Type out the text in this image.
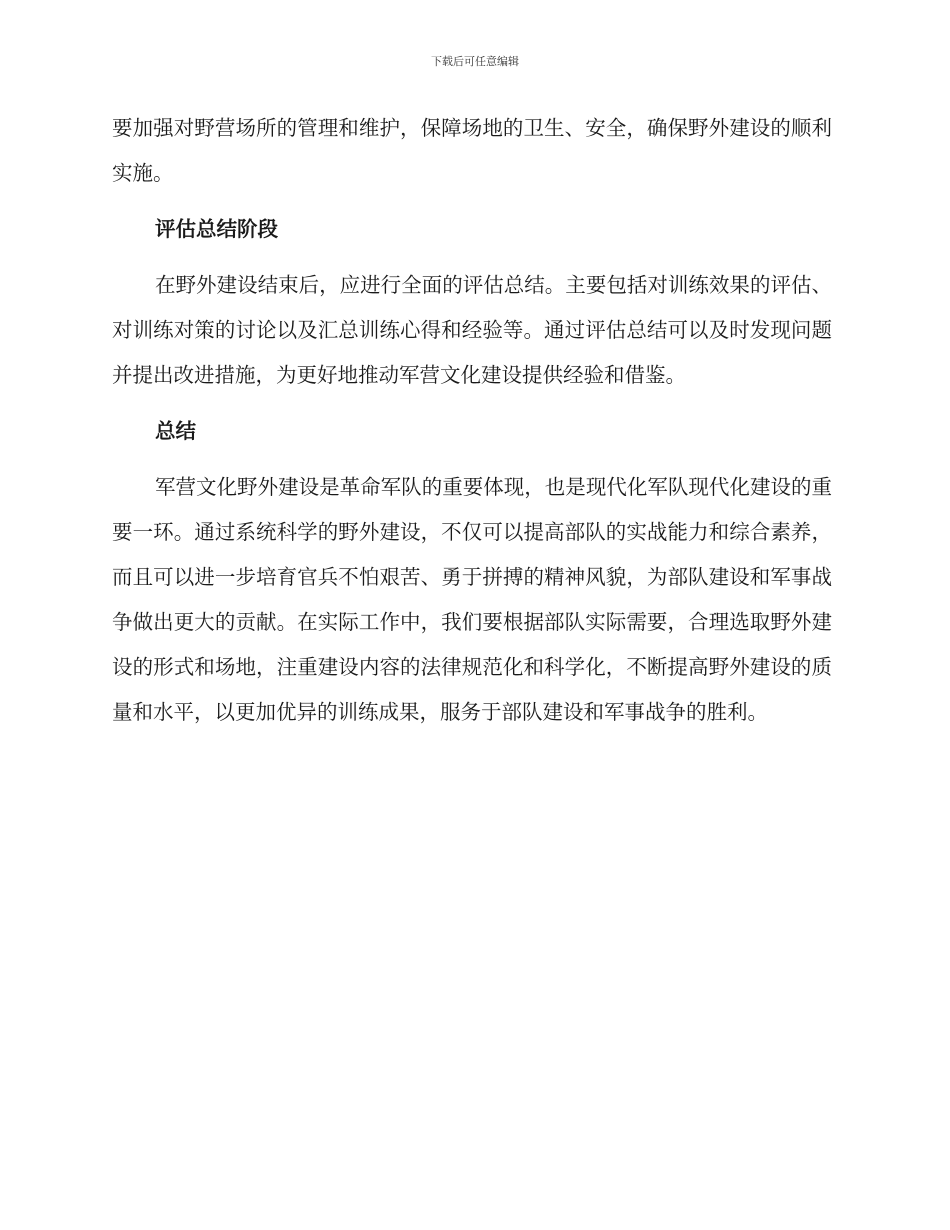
下载后可任意编辑

要加强对野营场所的管理和维护，保障场地的卫生、安全，确保野外建设的顺利实施。

评估总结阶段

在野外建设结束后，应进行全面的评估总结。主要包括对训练效果的评估、对训练对策的讨论以及汇总训练心得和经验等。通过评估总结可以及时发现问题并提出改进措施，为更好地推动军营文化建设提供经验和借鉴。

总结

军营文化野外建设是革命军队的重要体现，也是现代化军队现代化建设的重要一环。通过系统科学的野外建设，不仅可以提高部队的实战能力和综合素养，而且可以进一步培育官兵不怕艰苦、勇于拼搏的精神风貌，为部队建设和军事战争做出更大的贡献。在实际工作中，我们要根据部队实际需要，合理选取野外建设的形式和场地，注重建设内容的法律规范化和科学化，不断提高野外建设的质量和水平，以更加优异的训练成果，服务于部队建设和军事战争的胜利。
